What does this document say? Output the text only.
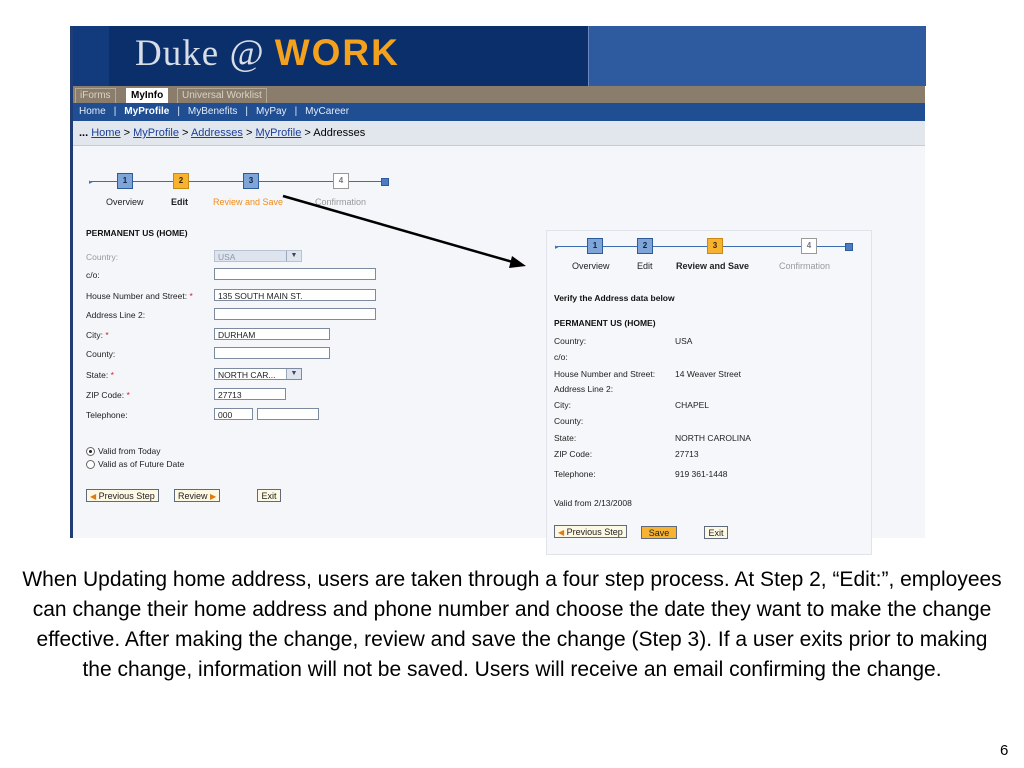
Duke @ WORK
iForms	MyInfo	Universal Worklist
Home | MyProfile | MyBenefits | MyPay | MyCareer
... Home > MyProfile > Addresses > MyProfile > Addresses
▸	1	2	3	4
Overview	Edit	Review and Save	Confirmation
PERMANENT US (HOME)
Country:	USA	▼
c/o:
House Number and Street: *	135 SOUTH MAIN ST.
Address Line 2:
City: *	DURHAM
County:
State: *	NORTH CAR...	▼
ZIP Code: *	27713
Telephone:	000
Valid from Today
Valid as of Future Date
◀ Previous Step	Review ▶	Exit
▸	1	2	3	4
Overview	Edit	Review and Save	Confirmation
Verify the Address data below
PERMANENT US (HOME)
Country:	USA
c/o:
House Number and Street: 14 Weaver Street
Address Line 2:
City:	CHAPEL
County:
State:	NORTH CAROLINA
ZIP Code:	27713
Telephone:	919 361-1448
Valid from 2/13/2008
◀ Previous Step	Save	Exit
When Updating home address, users are taken through a four step process. At Step 2, “Edit:”, employees can change their home address and phone number and choose the date they want to make the change effective. After making the change, review and save the change (Step 3). If a user exits prior to making the change, information will not be saved. Users will receive an email confirming the change.
6
